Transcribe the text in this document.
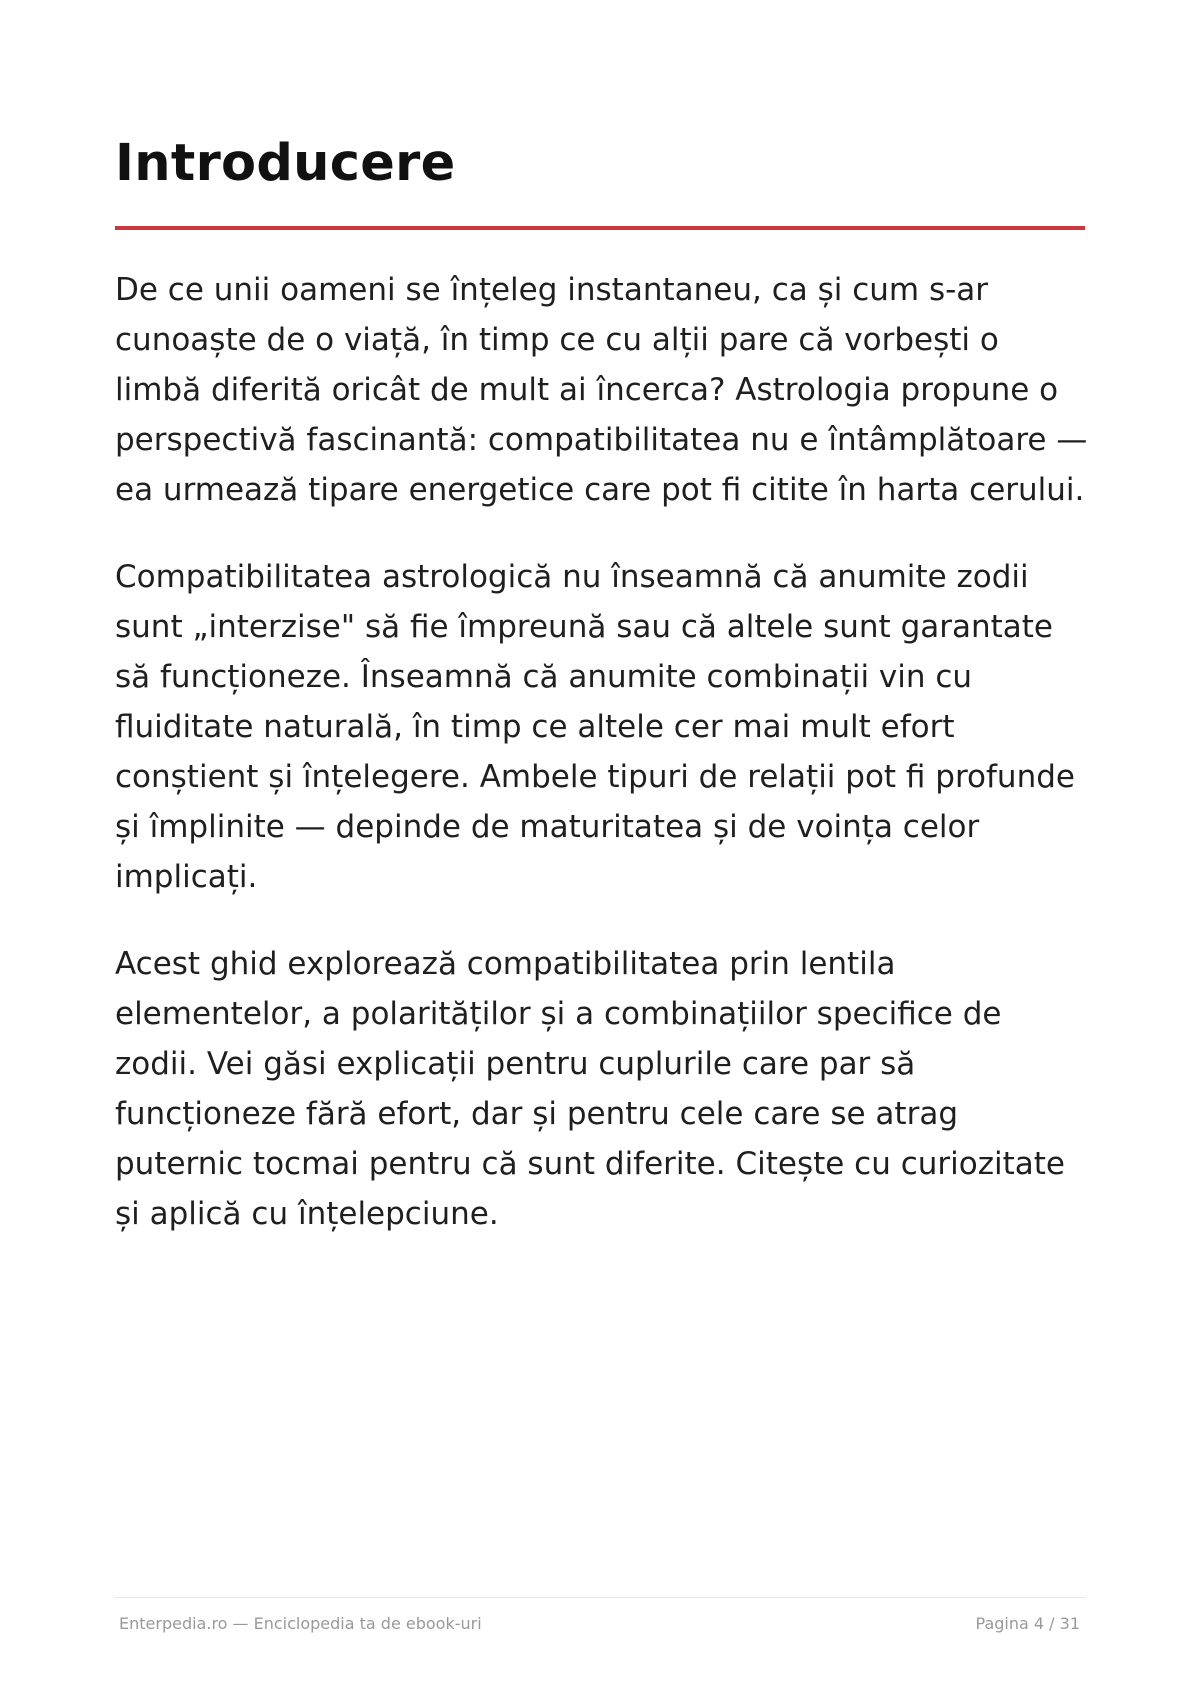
Introducere

De ce unii oameni se înțeleg instantaneu, ca și cum s-ar cunoaște de o viață, în timp ce cu alții pare că vorbești o limbă diferită oricât de mult ai încerca? Astrologia propune o perspectivă fascinantă: compatibilitatea nu e întâmplătoare — ea urmează tipare energetice care pot fi citite în harta cerului.

Compatibilitatea astrologică nu înseamnă că anumite zodii sunt „interzise" să fie împreună sau că altele sunt garantate să funcționeze. Înseamnă că anumite combinații vin cu fluiditate naturală, în timp ce altele cer mai mult efort conștient și înțelegere. Ambele tipuri de relații pot fi profunde și împlinite — depinde de maturitatea și de voința celor implicați.

Acest ghid explorează compatibilitatea prin lentila elementelor, a polarităților și a combinațiilor specifice de zodii. Vei găsi explicații pentru cuplurile care par să funcționeze fără efort, dar și pentru cele care se atrag puternic tocmai pentru că sunt diferite. Citește cu curiozitate și aplică cu înțelepciune.

Enterpedia.ro — Enciclopedia ta de ebook-uri	Pagina 4 / 31
